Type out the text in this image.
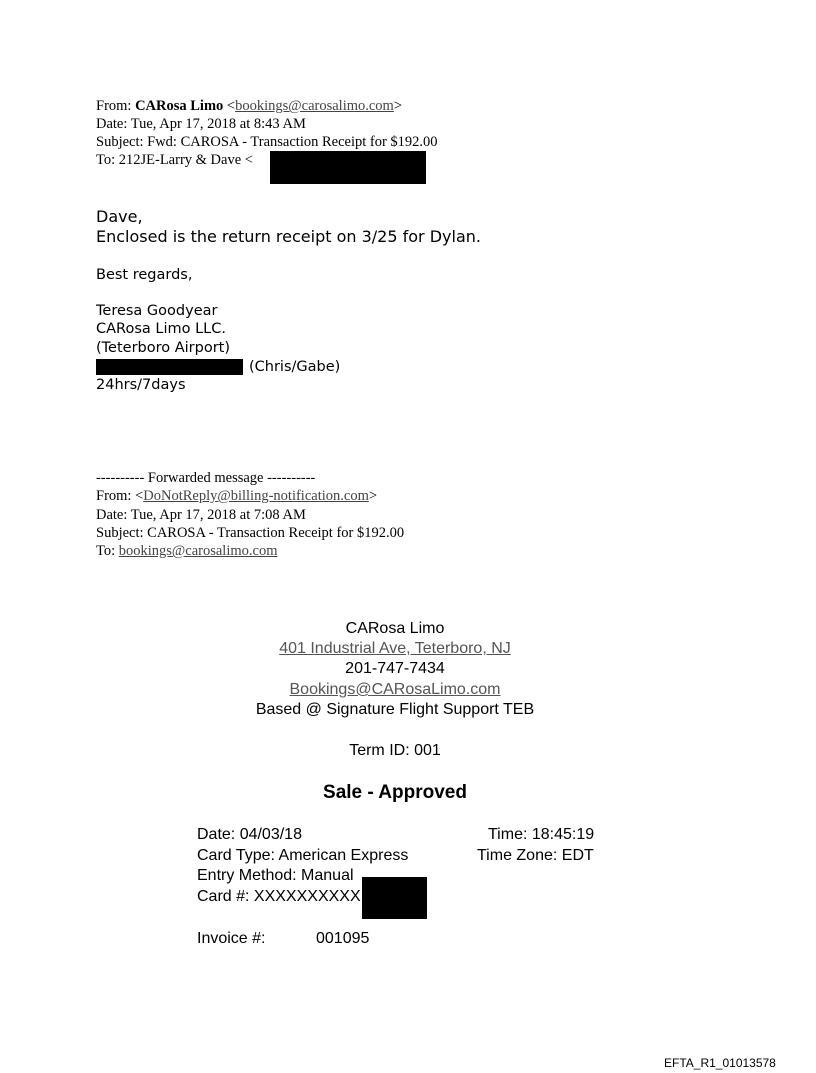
From: CARosa Limo <bookings@carosalimo.com>
Date: Tue, Apr 17, 2018 at 8:43 AM
Subject: Fwd: CAROSA - Transaction Receipt for $192.00
To: 212JE-Larry & Dave <
Dave,
Enclosed is the return receipt on 3/25 for Dylan.
Best regards,
Teresa Goodyear
CARosa Limo LLC.
(Teterboro Airport)
(Chris/Gabe)
24hrs/7days
---------- Forwarded message ----------
From: <DoNotReply@billing-notification.com>
Date: Tue, Apr 17, 2018 at 7:08 AM
Subject: CAROSA - Transaction Receipt for $192.00
To: bookings@carosalimo.com
CARosa Limo
401 Industrial Ave, Teterboro, NJ
201-747-7434
Bookings@CARosaLimo.com
Based @ Signature Flight Support TEB
Term ID: 001
Sale - Approved
Date: 04/03/18	Time: 18:45:19
Card Type: American Express	Time Zone: EDT
Entry Method: Manual
Card #: XXXXXXXXXX
Invoice #:	001095
EFTA_R1_01013578
